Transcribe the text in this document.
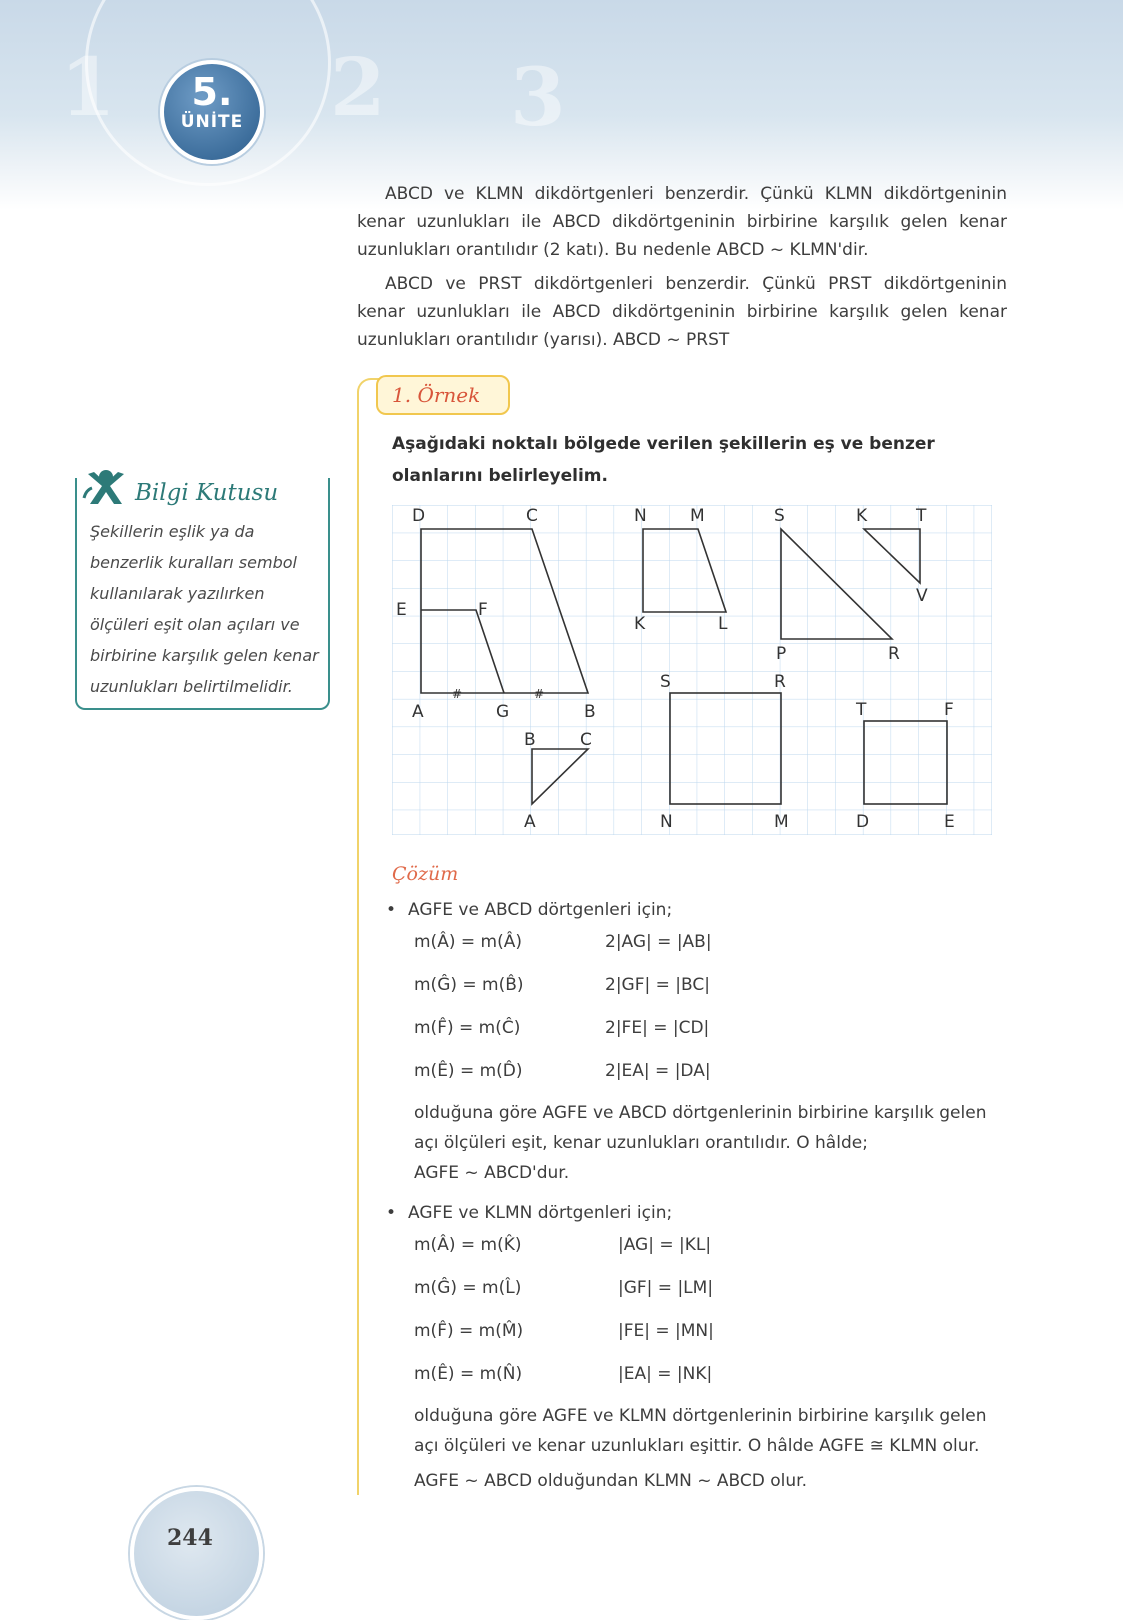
1	2 3
5.
ÜNİTE

ABCD ve KLMN dikdörtgenleri benzerdir. Çünkü KLMN dikdörtgeninin kenar uzunlukları ile ABCD dikdörtgeninin birbirine karşılık gelen kenar uzunlukları orantılıdır (2 katı). Bu nedenle ABCD ~ KLMN'dir.

ABCD ve PRST dikdörtgenleri benzerdir. Çünkü PRST dikdörtgeninin kenar uzunlukları ile ABCD dikdörtgeninin birbirine karşılık gelen kenar uzunlukları orantılıdır (yarısı). ABCD ~ PRST

1. Örnek

Aşağıdaki noktalı bölgede verilen şekillerin eş ve benzer olanlarını belirleyelim.

Bilgi Kutusu

Şekillerin eşlik ya da benzerlik kuralları sembol kullanılarak yazılırken ölçüleri eşit olan açıları ve birbirine karşılık gelen kenar uzunlukları belirtilmelidir.

D	C
E	F
A	G	B
#	#
N	M
K	L
S
P	R
K	T
V
S	R
N	M
T	F
D	E
B	C
A
Çözüm
• AGFE ve ABCD dörtgenleri için;
m(Â) = m(Â)	2|AG| = |AB|
m(Ĝ) = m(B̂)	2|GF| = |BC|
m(F̂) = m(Ĉ)	2|FE| = |CD|
m(Ê) = m(D̂)	2|EA| = |DA|
olduğuna göre AGFE ve ABCD dörtgenlerinin birbirine karşılık gelen
açı ölçüleri eşit, kenar uzunlukları orantılıdır. O hâlde;
AGFE ~ ABCD'dur.
• AGFE ve KLMN dörtgenleri için;
m(Â) = m(K̂)	|AG| = |KL|
m(Ĝ) = m(L̂)	|GF| = |LM|
m(F̂) = m(M̂)	|FE| = |MN|
m(Ê) = m(N̂)	|EA| = |NK|
olduğuna göre AGFE ve KLMN dörtgenlerinin birbirine karşılık gelen
açı ölçüleri ve kenar uzunlukları eşittir. O hâlde AGFE ≅ KLMN olur.
AGFE ~ ABCD olduğundan KLMN ~ ABCD olur.
244
